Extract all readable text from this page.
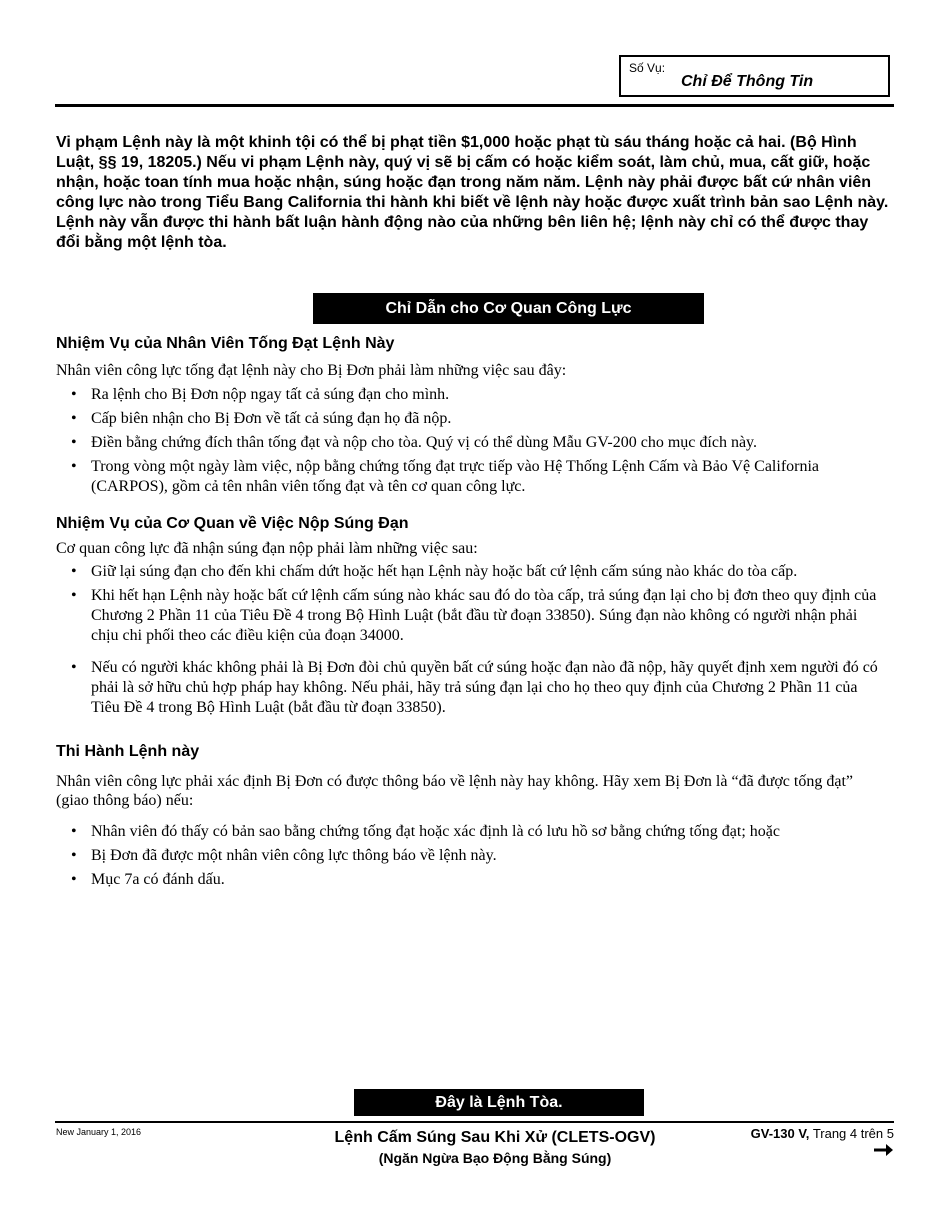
Số Vụ:
Chỉ Để Thông Tin
Vi phạm Lệnh này là một khinh tội có thể bị phạt tiền $1,000 hoặc phạt tù sáu tháng hoặc cả hai. (Bộ Hình Luật, §§ 19, 18205.) Nếu vi phạm Lệnh này, quý vị sẽ bị cấm có hoặc kiểm soát, làm chủ, mua, cất giữ, hoặc nhận, hoặc toan tính mua hoặc nhận, súng hoặc đạn trong năm năm. Lệnh này phải được bất cứ nhân viên công lực nào trong Tiểu Bang California thi hành khi biết về lệnh này hoặc được xuất trình bản sao Lệnh này. Lệnh này vẫn được thi hành bất luận hành động nào của những bên liên hệ; lệnh này chỉ có thể được thay đổi bằng một lệnh tòa.
Chỉ Dẫn cho Cơ Quan Công Lực
Nhiệm Vụ của Nhân Viên Tống Đạt Lệnh Này
Nhân viên công lực tống đạt lệnh này cho Bị Đơn phải làm những việc sau đây:
• Ra lệnh cho Bị Đơn nộp ngay tất cả súng đạn cho mình.
• Cấp biên nhận cho Bị Đơn về tất cả súng đạn họ đã nộp.
• Điền bằng chứng đích thân tống đạt và nộp cho tòa. Quý vị có thể dùng Mẫu GV-200 cho mục đích này.
• Trong vòng một ngày làm việc, nộp bằng chứng tống đạt trực tiếp vào Hệ Thống Lệnh Cấm và Bảo Vệ California (CARPOS), gồm cả tên nhân viên tống đạt và tên cơ quan công lực.
Nhiệm Vụ của Cơ Quan về Việc Nộp Súng Đạn
Cơ quan công lực đã nhận súng đạn nộp phải làm những việc sau:
• Giữ lại súng đạn cho đến khi chấm dứt hoặc hết hạn Lệnh này hoặc bất cứ lệnh cấm súng nào khác do tòa cấp.
• Khi hết hạn Lệnh này hoặc bất cứ lệnh cấm súng nào khác sau đó do tòa cấp, trả súng đạn lại cho bị đơn theo quy định của Chương 2 Phần 11 của Tiêu Đề 4 trong Bộ Hình Luật (bắt đầu từ đoạn 33850). Súng đạn nào không có người nhận phải chịu chi phối theo các điều kiện của đoạn 34000.
• Nếu có người khác không phải là Bị Đơn đòi chủ quyền bất cứ súng hoặc đạn nào đã nộp, hãy quyết định xem người đó có phải là sở hữu chủ hợp pháp hay không. Nếu phải, hãy trả súng đạn lại cho họ theo quy định của Chương 2 Phần 11 của Tiêu Đề 4 trong Bộ Hình Luật (bắt đầu từ đoạn 33850).
Thi Hành Lệnh này
Nhân viên công lực phải xác định Bị Đơn có được thông báo về lệnh này hay không. Hãy xem Bị Đơn là “đã được tống đạt” (giao thông báo) nếu:
• Nhân viên đó thấy có bản sao bằng chứng tống đạt hoặc xác định là có lưu hồ sơ bằng chứng tống đạt; hoặc
• Bị Đơn đã được một nhân viên công lực thông báo về lệnh này.
• Mục 7a có đánh dấu.
Đây là Lệnh Tòa.
New January 1, 2016	Lệnh Cấm Súng Sau Khi Xử (CLETS-OGV)
(Ngăn Ngừa Bạo Động Bằng Súng)
GV-130 V, Trang 4 trên 5
